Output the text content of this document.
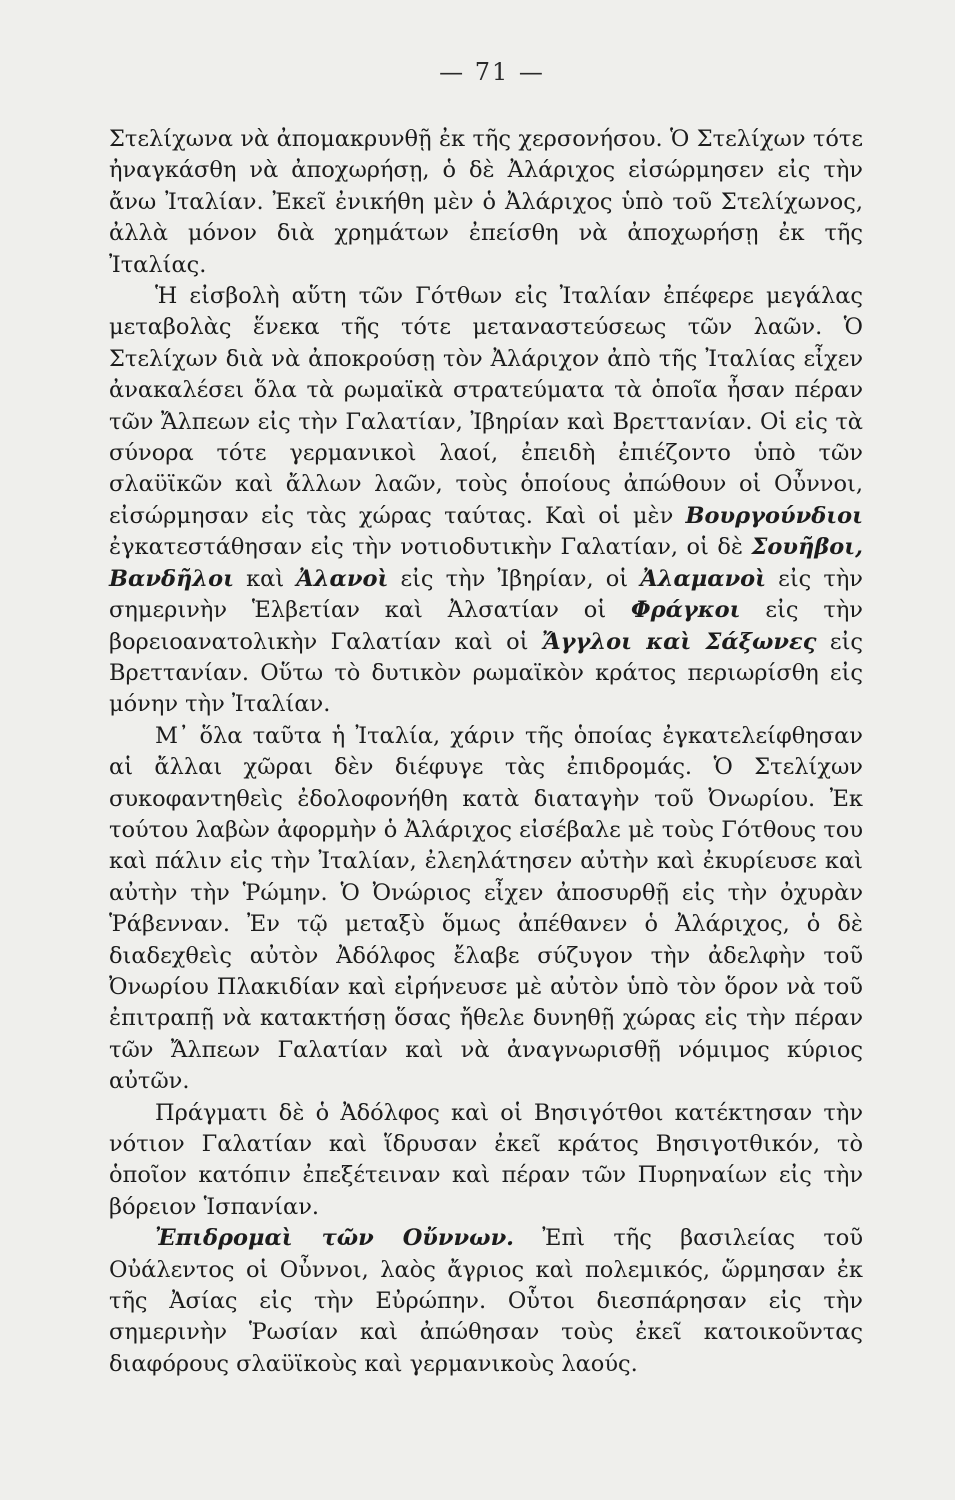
— 71 —

Στελίχωνα νὰ ἀπομακρυνθῇ ἐκ τῆς χερσονήσου. Ὁ Στελίχων τότε ἠναγκάσθη νὰ ἀποχωρήσῃ, ὁ δὲ Ἀλάριχος εἰσώρμησεν εἰς τὴν ἄνω Ἰταλίαν. Ἐκεῖ ἐνικήθη μὲν ὁ Ἀλάριχος ὑπὸ τοῦ Στελίχωνος, ἀλλὰ μόνον διὰ χρημάτων ἐπείσθη νὰ ἀποχωρήσῃ ἐκ τῆς Ἰταλίας.

Ἡ εἰσβολὴ αὕτη τῶν Γότθων εἰς Ἰταλίαν ἐπέφερε μεγάλας μεταβολὰς ἕνεκα τῆς τότε μεταναστεύσεως τῶν λαῶν. Ὁ Στελίχων διὰ νὰ ἀποκρούσῃ τὸν Ἀλάριχον ἀπὸ τῆς Ἰταλίας εἶχεν ἀνακαλέσει ὅλα τὰ ρωμαϊκὰ στρατεύματα τὰ ὁποῖα ἦσαν πέραν τῶν Ἄλπεων εἰς τὴν Γαλατίαν, Ἰβηρίαν καὶ Βρεττανίαν. Οἱ εἰς τὰ σύνορα τότε γερμανικοὶ λαοί, ἐπειδὴ ἐπιέζοντο ὑπὸ τῶν σλαϋϊκῶν καὶ ἄλλων λαῶν, τοὺς ὁποίους ἀπώθουν οἱ Οὖννοι, εἰσώρμησαν εἰς τὰς χώρας ταύτας. Καὶ οἱ μὲν Βουργούνδιοι ἐγκατεστάθησαν εἰς τὴν νοτιοδυτικὴν Γαλατίαν, οἱ δὲ Σουῆβοι, Βανδῆλοι καὶ Ἀλανοὶ εἰς τὴν Ἰβηρίαν, οἱ Ἀλαμανοὶ εἰς τὴν σημερινὴν Ἑλβετίαν καὶ Ἀλσατίαν οἱ Φράγκοι εἰς τὴν βορειοανατολικὴν Γαλατίαν καὶ οἱ Ἄγγλοι καὶ Σάξωνες εἰς Βρεττανίαν. Οὕτω τὸ δυτικὸν ρωμαϊκὸν κράτος περιωρίσθη εἰς μόνην τὴν Ἰταλίαν.

Μ᾽ ὅλα ταῦτα ἡ Ἰταλία, χάριν τῆς ὁποίας ἐγκατελείφθησαν αἱ ἄλλαι χῶραι δὲν διέφυγε τὰς ἐπιδρομάς. Ὁ Στελίχων συκοφαντηθεὶς ἐδολοφονήθη κατὰ διαταγὴν τοῦ Ὀνωρίου. Ἐκ τούτου λαβὼν ἀφορμὴν ὁ Ἀλάριχος εἰσέβαλε μὲ τοὺς Γότθους του καὶ πάλιν εἰς τὴν Ἰταλίαν, ἐλεηλάτησεν αὐτὴν καὶ ἐκυρίευσε καὶ αὐτὴν τὴν Ῥώμην. Ὁ Ὀνώριος εἶχεν ἀποσυρθῇ εἰς τὴν ὀχυρὰν Ῥάβενναν. Ἐν τῷ μεταξὺ ὅμως ἀπέθανεν ὁ Ἀλάριχος, ὁ δὲ διαδεχθεὶς αὐτὸν Ἀδόλφος ἔλαβε σύζυγον τὴν ἀδελφὴν τοῦ Ὀνωρίου Πλακιδίαν καὶ εἰρήνευσε μὲ αὐτὸν ὑπὸ τὸν ὅρον νὰ τοῦ ἐπιτραπῇ νὰ κατακτήσῃ ὅσας ἤθελε δυνηθῇ χώρας εἰς τὴν πέραν τῶν Ἄλπεων Γαλατίαν καὶ νὰ ἀναγνωρισθῇ νόμιμος κύριος αὐτῶν.

Πράγματι δὲ ὁ Ἀδόλφος καὶ οἱ Βησιγότθοι κατέκτησαν τὴν νότιον Γαλατίαν καὶ ἵδρυσαν ἐκεῖ κράτος Βησιγοτθικόν, τὸ ὁποῖον κατόπιν ἐπεξέτειναν καὶ πέραν τῶν Πυρηναίων εἰς τὴν βόρειον Ἱσπανίαν.

Ἐπιδρομαὶ τῶν Οὔννων. Ἐπὶ τῆς βασιλείας τοῦ Οὐάλεντος οἱ Οὖννοι, λαὸς ἄγριος καὶ πολεμικός, ὥρμησαν ἐκ τῆς Ἀσίας εἰς τὴν Εὐρώπην. Οὗτοι διεσπάρησαν εἰς τὴν σημερινὴν Ῥωσίαν καὶ ἀπώθησαν τοὺς ἐκεῖ κατοικοῦντας διαφόρους σλαϋϊκοὺς καὶ γερμανικοὺς λαούς.
